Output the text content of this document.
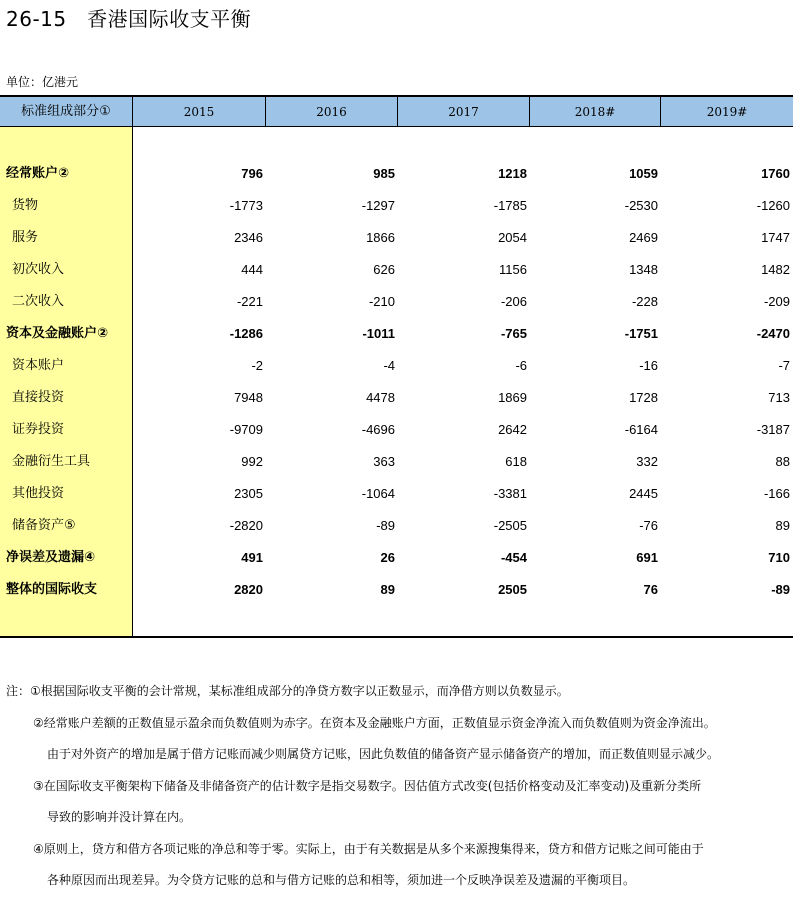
26-15　香港国际收支平衡
单位：亿港元
标准组成部分①	2015	2016	2017	2018#	2019#
经常账户②	796	985	1218	1059	1760
货物	-1773	-1297	-1785	-2530	-1260
服务	2346	1866	2054	2469	1747
初次收入	444	626	1156	1348	1482
二次收入	-221	-210	-206	-228	-209
资本及金融账户②	-1286	-1011	-765	-1751	-2470
资本账户	-2	-4	-6	-16	-7
直接投资	7948	4478	1869	1728	713
证券投资	-9709	-4696	2642	-6164	-3187
金融衍生工具	992	363	618	332	88
其他投资	2305	-1064	-3381	2445	-166
储备资产⑤	-2820	-89	-2505	-76	89
净误差及遗漏④	491	26	-454	691	710
整体的国际收支	2820	89	2505	76	-89
注：①根据国际收支平衡的会计常规，某标准组成部分的净贷方数字以正数显示，而净借方则以负数显示。
②经常账户差额的正数值显示盈余而负数值则为赤字。在资本及金融账户方面，正数值显示资金净流入而负数值则为资金净流出。
由于对外资产的增加是属于借方记账而减少则属贷方记账，因此负数值的储备资产显示储备资产的增加，而正数值则显示减少。
③在国际收支平衡架构下储备及非储备资产的估计数字是指交易数字。因估值方式改变(包括价格变动及汇率变动)及重新分类所
导致的影响并没计算在内。
④原则上，贷方和借方各项记账的净总和等于零。实际上，由于有关数据是从多个来源搜集得来，贷方和借方记账之间可能由于
各种原因而出现差异。为令贷方记账的总和与借方记账的总和相等，须加进一个反映净误差及遗漏的平衡项目。
